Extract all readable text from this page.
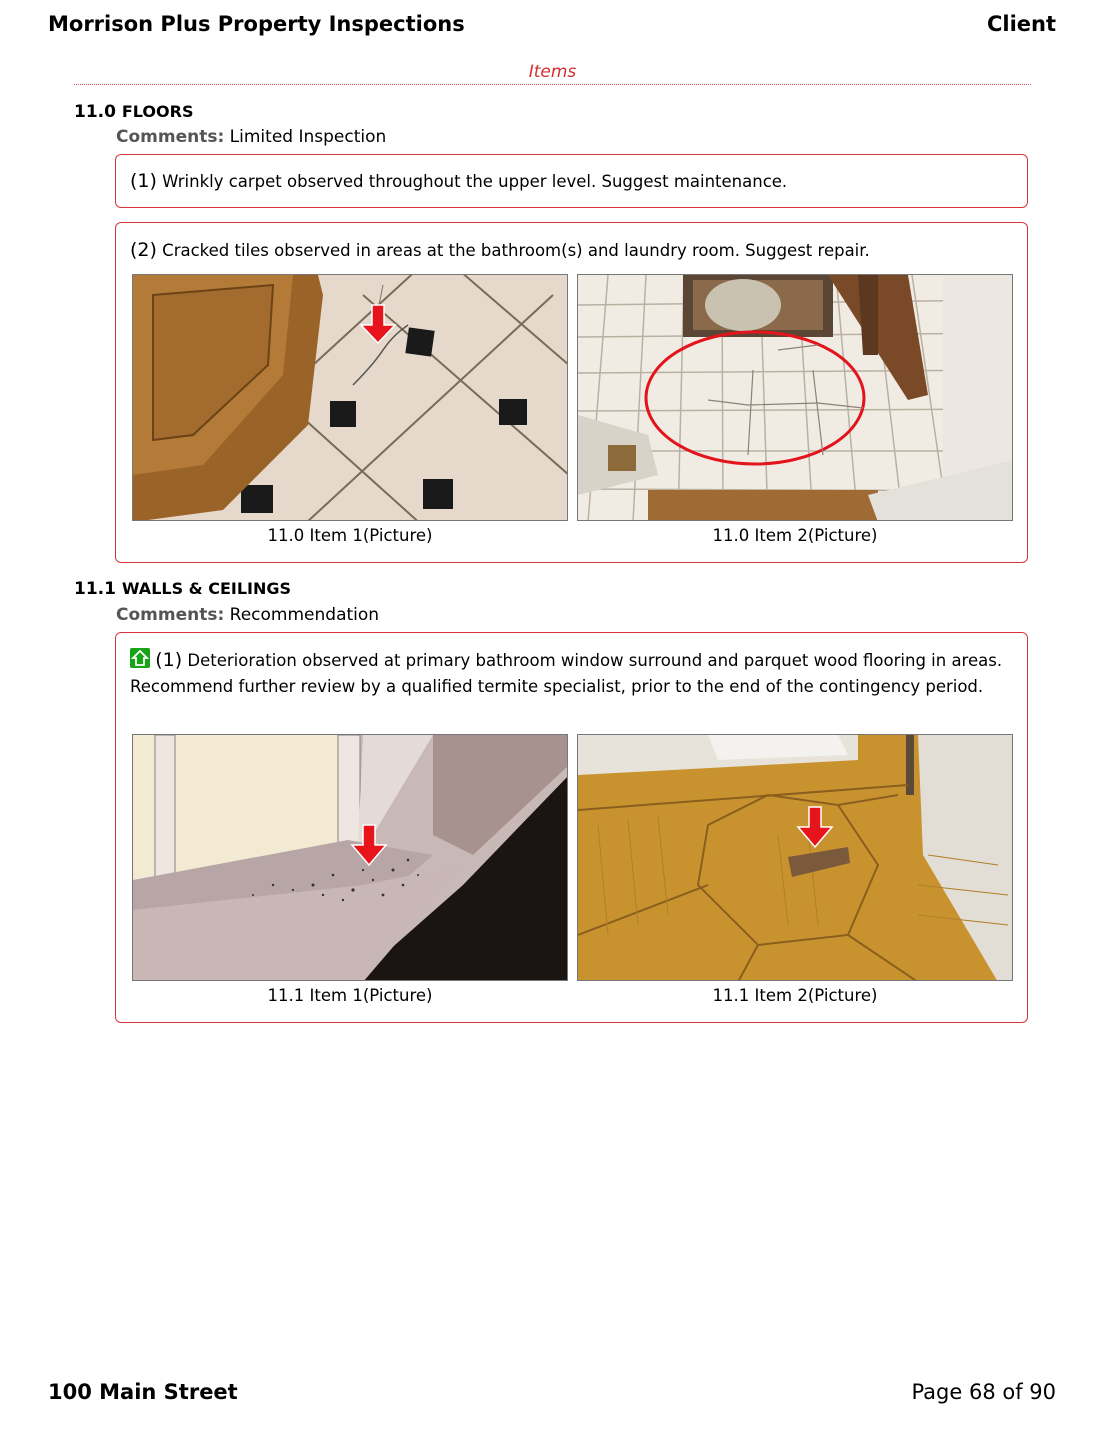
Morrison Plus Property Inspections	Client
Items
11.0 FLOORS
Comments: Limited Inspection
(1) Wrinkly carpet observed throughout the upper level. Suggest maintenance.
(2) Cracked tiles observed in areas at the bathroom(s) and laundry room. Suggest repair.
11.0 Item 1(Picture)	11.0 Item 2(Picture)
11.1 WALLS & CEILINGS
Comments: Recommendation
(1) Deterioration observed at primary bathroom window surround and parquet wood flooring in areas. Recommend further review by a qualified termite specialist, prior to the end of the contingency period.
11.1 Item 1(Picture)	11.1 Item 2(Picture)
100 Main Street	Page 68 of 90
